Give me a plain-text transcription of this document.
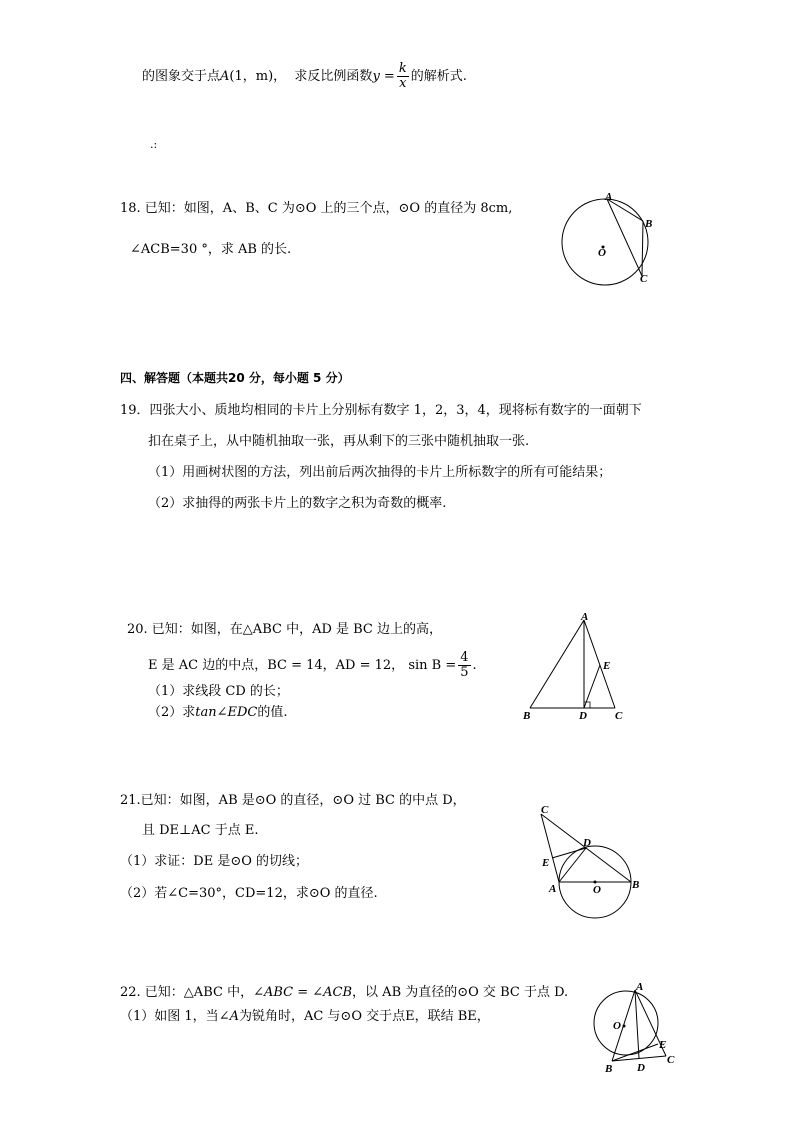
的图象交于点A(1，m)， 求反比例函数$y = \frac{k}{x}$ 的解析式.
.:
18. 已知：如图，A、B、C 为⊙O 上的三个点，⊙O 的直径为 8cm,
∠ACB=30 °，求 AB 的长.
A
B
C
O
四、解答题（本题共20 分，每小题 5 分）
19．四张大小、质地均相同的卡片上分别标有数字 1，2，3，4，现将标有数字的一面朝下
扣在桌子上，从中随机抽取一张，再从剩下的三张中随机抽取一张.
（1）用画树状图的方法，列出前后两次抽得的卡片上所标数字的所有可能结果；
（2）求抽得的两张卡片上的数字之积为奇数的概率.
20. 已知：如图，在△ABC 中，AD 是 BC 边上的高，
E 是 AC 边的中点，BC = 14，AD = 12， $\sin B = \frac{4}{5}$ .
（1）求线段 CD 的长；
（2）求tan∠EDC的值.
A
B	D	C
E
21.已知：如图，AB 是⊙O 的直径，⊙O 过 BC 的中点 D，
且 DE⊥AC 于点 E.
（1）求证：DE 是⊙O 的切线；
（2）若∠C=30°，CD=12，求⊙O 的直径.
C
D
E
A	O	B
22. 已知：△ABC 中，∠ABC = ∠ACB，以 AB 为直径的⊙O 交 BC 于点 D.
（1）如图 1，当∠A为锐角时，AC 与⊙O 交于点E，联结 BE，
A
O
E
C
B D
